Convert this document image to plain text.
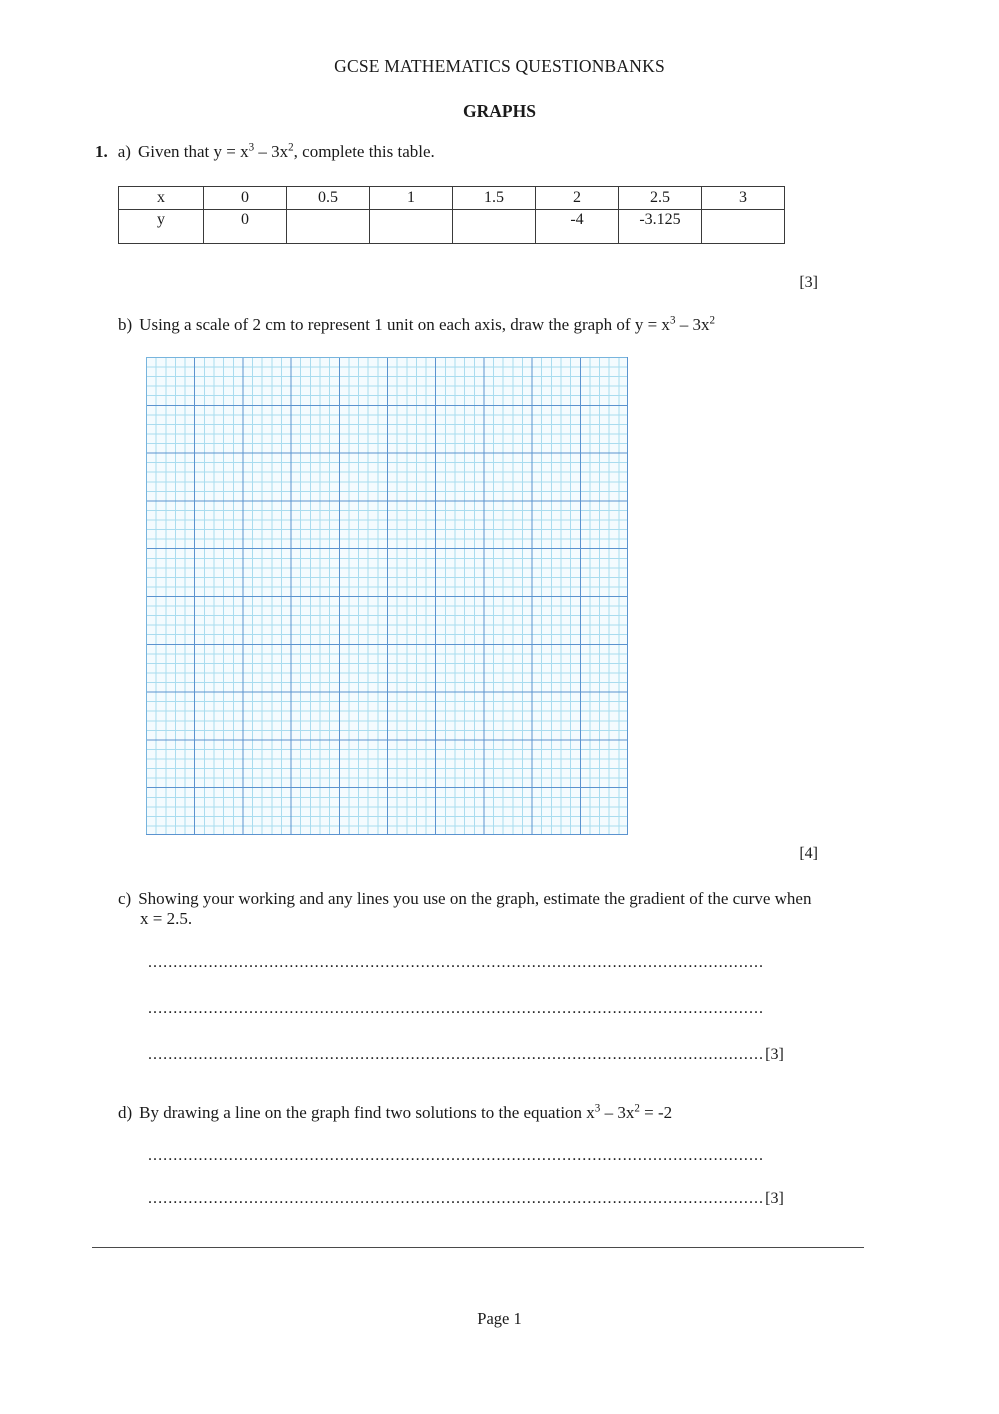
GCSE MATHEMATICS QUESTIONBANKS
GRAPHS
1. a) Given that $y = x^3 - 3x^2$, complete this table.
x	0	0.5	1	1.5	2	2.5	3
y	0				-4	-3.125	
[3]
b) Using a scale of 2 cm to represent 1 unit on each axis, draw the graph of $y = x^3 - 3x^2$
[4]
c) Showing your working and any lines you use on the graph, estimate the gradient of the curve when
x = 2.5.
..........................................................................................................................
..........................................................................................................................
..........................................................................................................................[3]
d) By drawing a line on the graph find two solutions to the equation $x^3 - 3x^2 = -2$
..........................................................................................................................
..........................................................................................................................[3]
Page 1
